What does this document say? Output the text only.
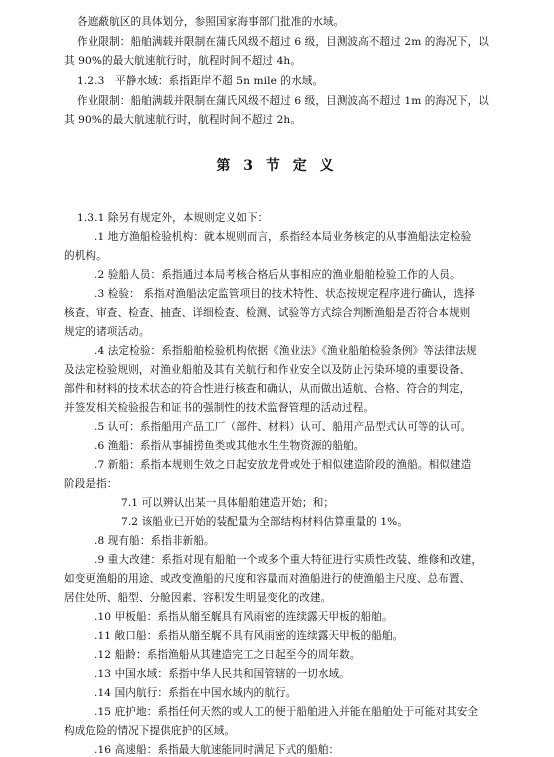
各遮蔽航区的具体划分，参照国家海事部门批准的水域。
作业限制：船舶满载并限制在蒲氏风级不超过 6 级，目测波高不超过 2m 的海况下，以
其 90%的最大航速航行时，航程时间不超过 4h。
1.2.3　平静水域：系指距岸不超 5n mile 的水域。
作业限制：船舶满载并限制在蒲氏风级不超过 6 级，目测波高不超过 1m 的海况下，以
其 90%的最大航速航行时，航程时间不超过 2h。
第 3 节 定 义
1.3.1 除另有规定外，本规则定义如下：
.1 地方渔船检验机构：就本规则而言，系指经本局业务核定的从事渔船法定检验
的机构。
.2 验船人员：系指通过本局考核合格后从事相应的渔业船舶检验工作的人员。
.3 检验： 系指对渔船法定监管项目的技术特性、状态按规定程序进行确认，选择
核查、审查、检查、抽查、详细检查、检测、试验等方式综合判断渔船是否符合本规则
规定的诸项活动。
.4 法定检验：系指船舶检验机构依据《渔业法》《渔业船舶检验条例》等法律法规
及法定检验规则，对渔业船舶及其有关航行和作业安全以及防止污染环境的重要设备、
部件和材料的技术状态的符合性进行核查和确认，从而做出适航、合格、符合的判定，
并签发相关检验报告和证书的强制性的技术监督管理的活动过程。
.5 认可：系指船用产品工厂（部件、材料）认可、船用产品型式认可等的认可。
.6 渔船：系指从事捕捞鱼类或其他水生生物资源的船舶。
.7 新船：系指本规则生效之日起安放龙骨或处于相似建造阶段的渔船。相似建造
阶段是指：
7.1 可以辨认出某一具体船舶建造开始；和；
7.2 该船业已开始的装配量为全部结构材料估算重量的 1%。
.8 现有船：系指非新船。
.9 重大改建：系指对现有船舶一个或多个重大特征进行实质性改装、维修和改建，
如变更渔船的用途、或改变渔船的尺度和容量而对渔船进行的使渔船主尺度、总布置、
居住处所、船型、分舱因素、容积发生明显变化的改建。
.10 甲板船：系指从艏至艉具有风雨密的连续露天甲板的船舶。
.11 敞口船：系指从艏至艉不具有风雨密的连续露天甲板的船舶。
.12 船龄：系指渔船从其建造完工之日起至今的周年数。
.13 中国水域：系指中华人民共和国管辖的一切水域。
.14 国内航行：系指在中国水域内的航行。
.15 庇护地：系指任何天然的或人工的便于船舶进入并能在船舶处于可能对其安全
构成危险的情况下提供庇护的区域。
.16 高速船：系指最大航速能同时满足下式的船舶：
